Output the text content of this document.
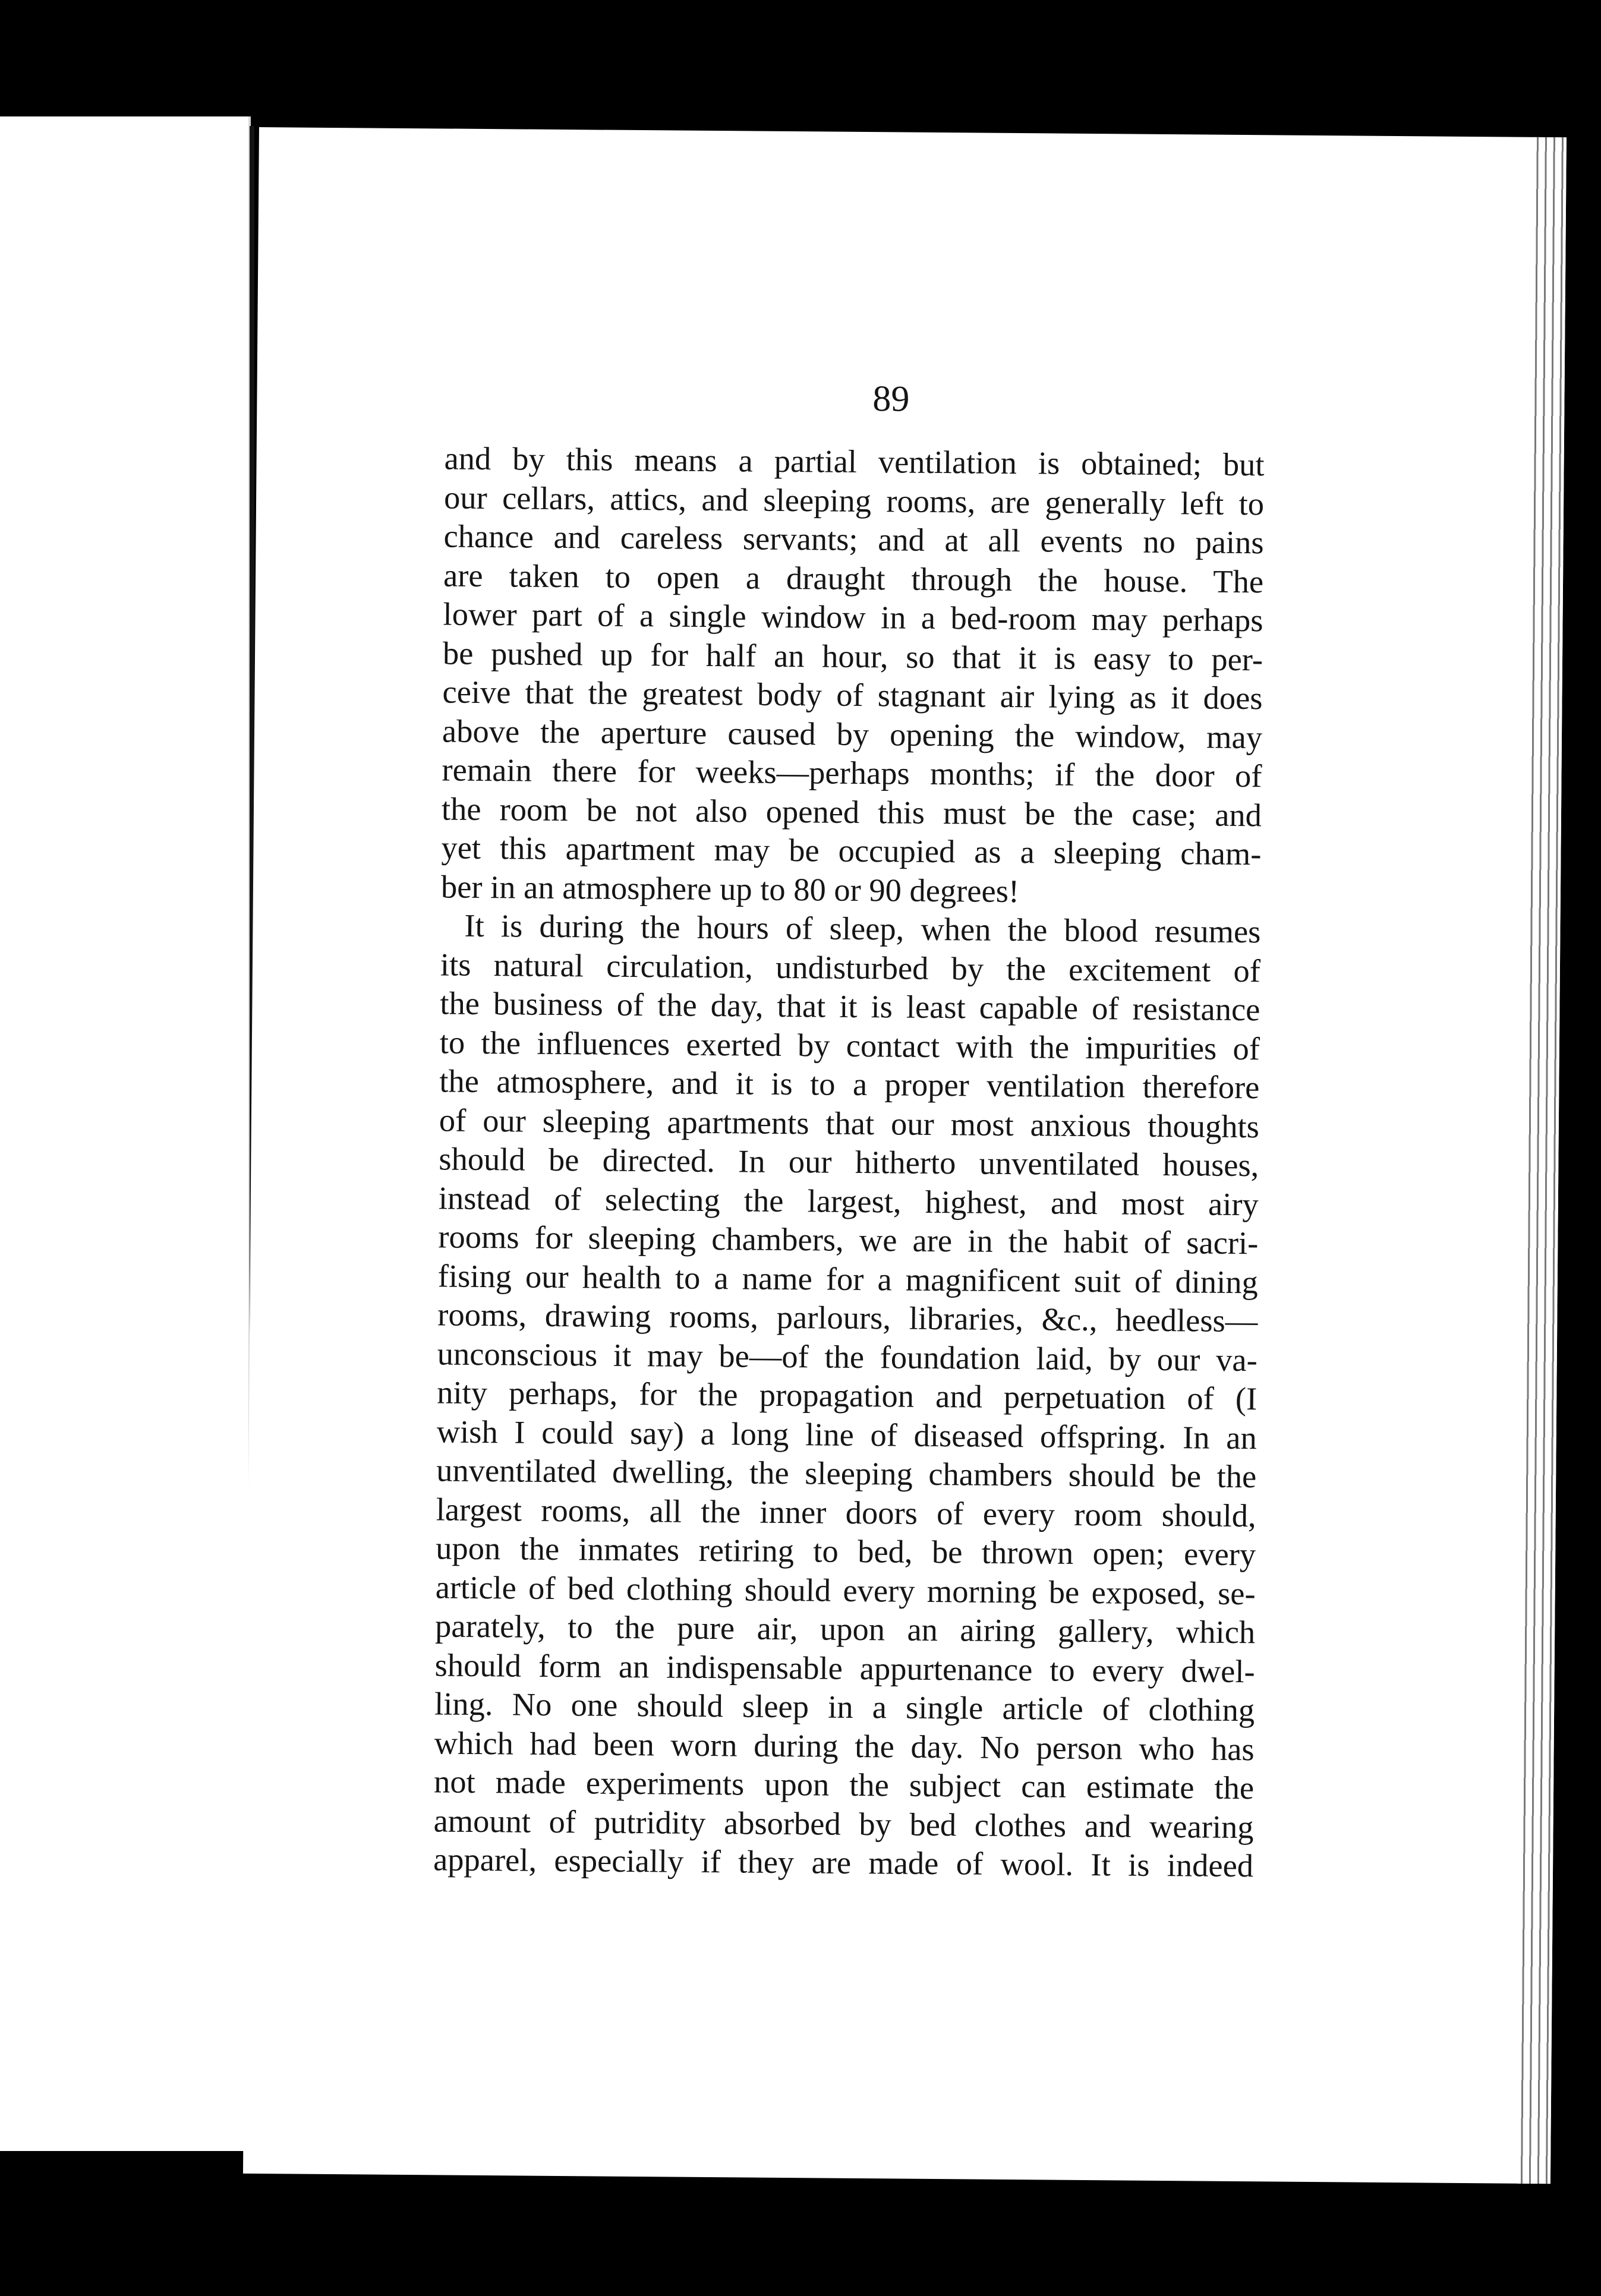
89
and by this means a partial ventilation is obtained; but
our cellars, attics, and sleeping rooms, are generally left to
chance and careless servants; and at all events no pains
are taken to open a draught through the house. The
lower part of a single window in a bed-room may perhaps
be pushed up for half an hour, so that it is easy to per-
ceive that the greatest body of stagnant air lying as it does
above the aperture caused by opening the window, may
remain there for weeks—perhaps months; if the door of
the room be not also opened this must be the case; and
yet this apartment may be occupied as a sleeping cham-
ber in an atmosphere up to 80 or 90 degrees!
It is during the hours of sleep, when the blood resumes
its natural circulation, undisturbed by the excitement of
the business of the day, that it is least capable of resistance
to the influences exerted by contact with the impurities of
the atmosphere, and it is to a proper ventilation therefore
of our sleeping apartments that our most anxious thoughts
should be directed. In our hitherto unventilated houses,
instead of selecting the largest, highest, and most airy
rooms for sleeping chambers, we are in the habit of sacri-
fising our health to a name for a magnificent suit of dining
rooms, drawing rooms, parlours, libraries, &c., heedless—
unconscious it may be—of the foundation laid, by our va-
nity perhaps, for the propagation and perpetuation of (I
wish I could say) a long line of diseased offspring. In an
unventilated dwelling, the sleeping chambers should be the
largest rooms, all the inner doors of every room should,
upon the inmates retiring to bed, be thrown open; every
article of bed clothing should every morning be exposed, se-
parately, to the pure air, upon an airing gallery, which
should form an indispensable appurtenance to every dwel-
ling. No one should sleep in a single article of clothing
which had been worn during the day. No person who has
not made experiments upon the subject can estimate the
amount of putridity absorbed by bed clothes and wearing
apparel, especially if they are made of wool. It is indeed
